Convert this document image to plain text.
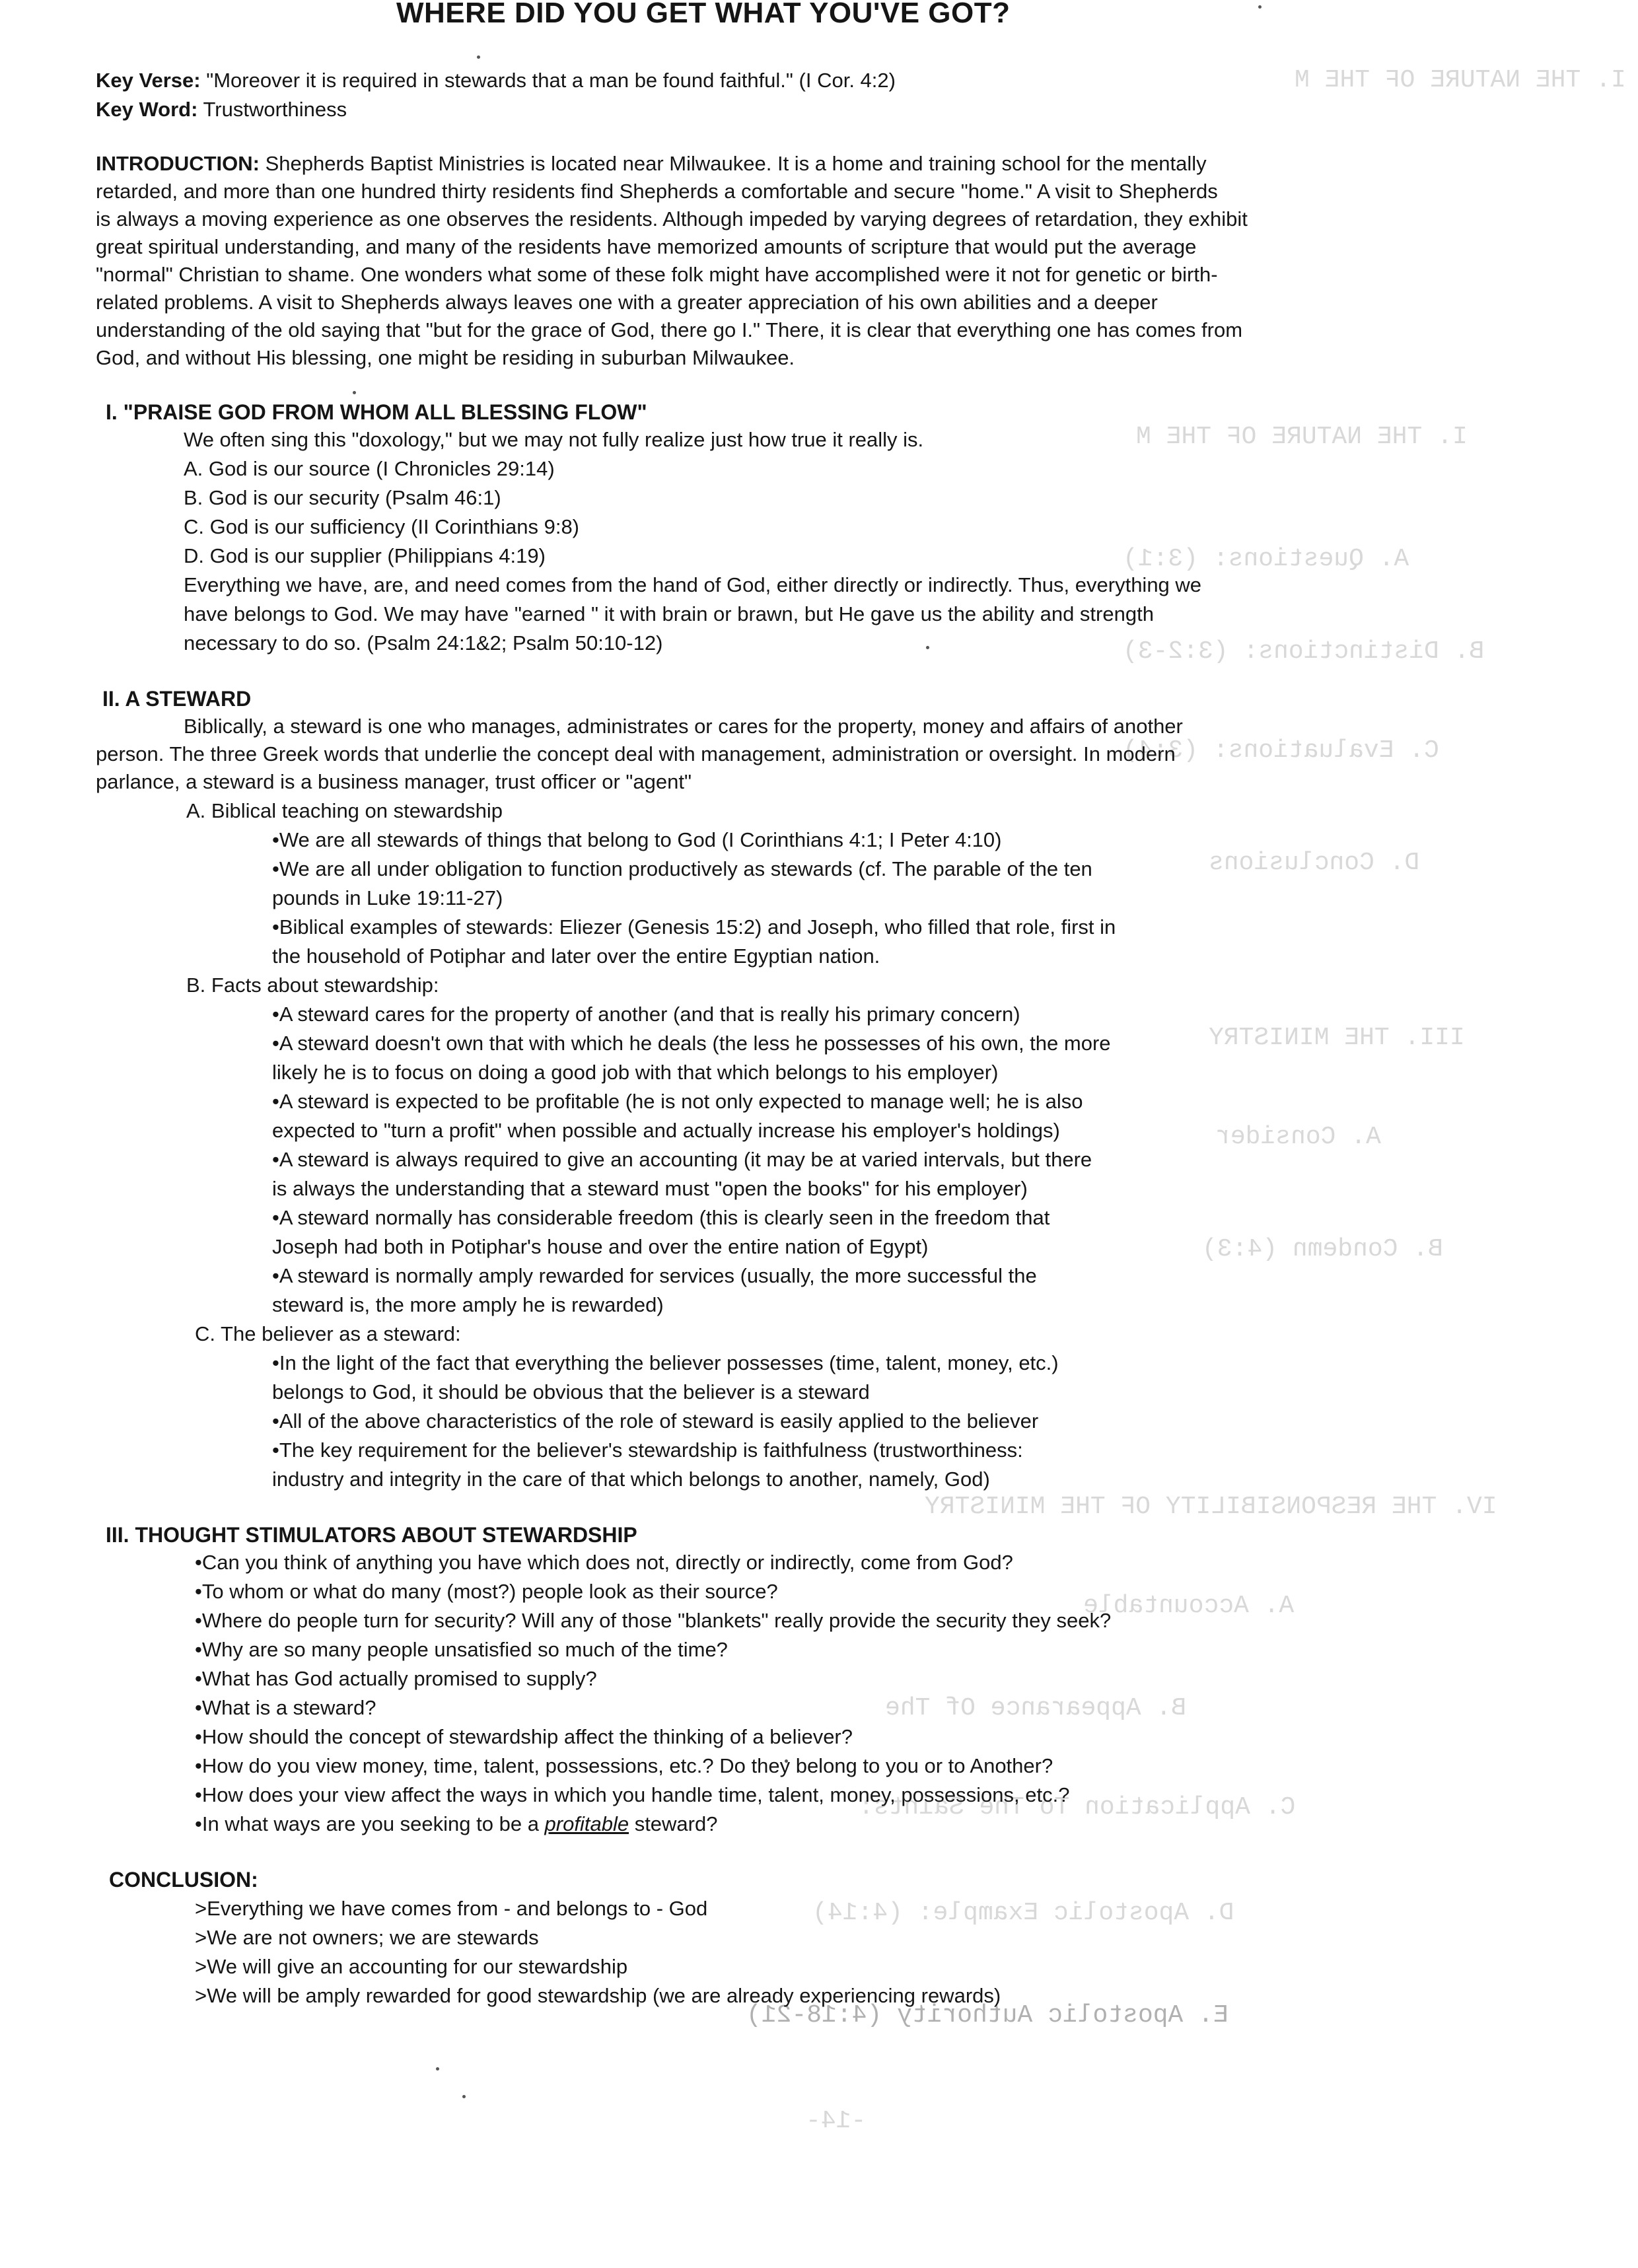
I. THE NATURE OF THE M
I. THE NATURE OF THE M
A. Questions: (3:1)
B. Distinctions: (3:2-3)
C. Evaluations: (3:4)
D. Conclusions
III. THE MINISTRY
A. Consider
B. Condemn (4:3)
IV. THE RESPONSIBILITY OF THE MINISTRY
A. Accountable
B. Appearance Of The
C. Application To The Saints:
D. Apostolic Example: (4:14)
E. Apostolic Authority (4:18-21)
-14-
WHERE DID YOU GET WHAT YOU'VE GOT?
Key Verse: "Moreover it is required in stewards that a man be found faithful." (I Cor. 4:2)
Key Word: Trustworthiness
INTRODUCTION: Shepherds Baptist Ministries is located near Milwaukee. It is a home and training school for the mentally
retarded, and more than one hundred thirty residents find Shepherds a comfortable and secure "home." A visit to Shepherds
is always a moving experience as one observes the residents. Although impeded by varying degrees of retardation, they exhibit
great spiritual understanding, and many of the residents have memorized amounts of scripture that would put the average
"normal" Christian to shame. One wonders what some of these folk might have accomplished were it not for genetic or birth-
related problems. A visit to Shepherds always leaves one with a greater appreciation of his own abilities and a deeper
understanding of the old saying that "but for the grace of God, there go I." There, it is clear that everything one has comes from
God, and without His blessing, one might be residing in suburban Milwaukee.
I. "PRAISE GOD FROM WHOM ALL BLESSING FLOW"
We often sing this "doxology," but we may not fully realize just how true it really is.
A. God is our source (I Chronicles 29:14)
B. God is our security (Psalm 46:1)
C. God is our sufficiency (II Corinthians 9:8)
D. God is our supplier (Philippians 4:19)
Everything we have, are, and need comes from the hand of God, either directly or indirectly. Thus, everything we
have belongs to God. We may have "earned " it with brain or brawn, but He gave us the ability and strength
necessary to do so. (Psalm 24:1&2; Psalm 50:10-12)
II. A STEWARD
Biblically, a steward is one who manages, administrates or cares for the property, money and affairs of another
person. The three Greek words that underlie the concept deal with management, administration or oversight. In modern
parlance, a steward is a business manager, trust officer or "agent"
A. Biblical teaching on stewardship
•We are all stewards of things that belong to God (I Corinthians 4:1; I Peter 4:10)
•We are all under obligation to function productively as stewards (cf. The parable of the ten
pounds in Luke 19:11-27)
•Biblical examples of stewards: Eliezer (Genesis 15:2) and Joseph, who filled that role, first in
the household of Potiphar and later over the entire Egyptian nation.
B. Facts about stewardship:
•A steward cares for the property of another (and that is really his primary concern)
•A steward doesn't own that with which he deals (the less he possesses of his own, the more
likely he is to focus on doing a good job with that which belongs to his employer)
•A steward is expected to be profitable (he is not only expected to manage well; he is also
expected to "turn a profit" when possible and actually increase his employer's holdings)
•A steward is always required to give an accounting (it may be at varied intervals, but there
is always the understanding that a steward must "open the books" for his employer)
•A steward normally has considerable freedom (this is clearly seen in the freedom that
Joseph had both in Potiphar's house and over the entire nation of Egypt)
•A steward is normally amply rewarded for services (usually, the more successful the
steward is, the more amply he is rewarded)
C. The believer as a steward:
•In the light of the fact that everything the believer possesses (time, talent, money, etc.)
belongs to God, it should be obvious that the believer is a steward
•All of the above characteristics of the role of steward is easily applied to the believer
•The key requirement for the believer's stewardship is faithfulness (trustworthiness:
industry and integrity in the care of that which belongs to another, namely, God)
III. THOUGHT STIMULATORS ABOUT STEWARDSHIP
•Can you think of anything you have which does not, directly or indirectly, come from God?
•To whom or what do many (most?) people look as their source?
•Where do people turn for security? Will any of those "blankets" really provide the security they seek?
•Why are so many people unsatisfied so much of the time?
•What has God actually promised to supply?
•What is a steward?
•How should the concept of stewardship affect the thinking of a believer?
•How do you view money, time, talent, possessions, etc.? Do they belong to you or to Another?
•How does your view affect the ways in which you handle time, talent, money, possessions, etc.?
•In what ways are you seeking to be a profitable steward?
CONCLUSION:
>Everything we have comes from - and belongs to - God
>We are not owners; we are stewards
>We will give an accounting for our stewardship
>We will be amply rewarded for good stewardship (we are already experiencing rewards)
